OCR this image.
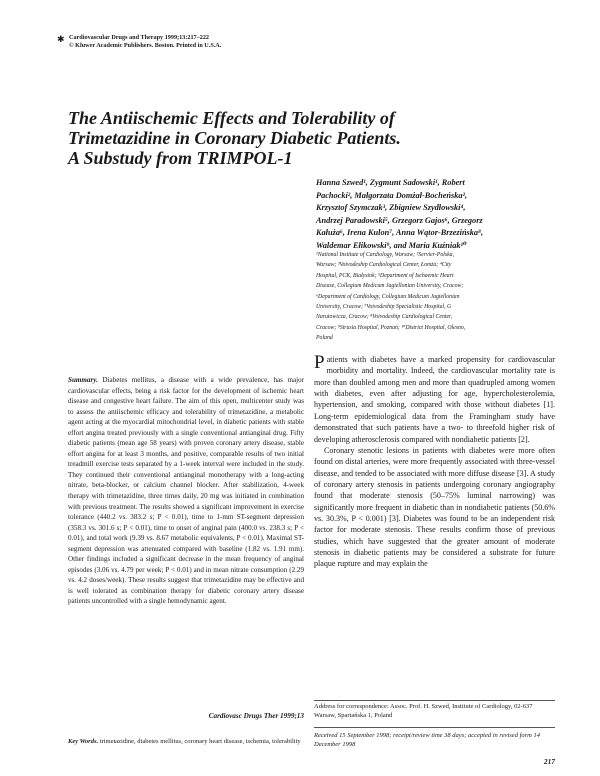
✱ Cardiovascular Drugs and Therapy 1999;13:217–222
© Kluwer Academic Publishers. Boston. Printed in U.S.A.
The Antiischemic Effects and Tolerability of
Trimetazidine in Coronary Diabetic Patients.
A Substudy from TRIMPOL-1
Hanna Szwed¹, Zygmunt Sadowski¹, Robert
Pachocki², Małgorzata Domżał-Bocheńska²,
Krzysztof Szymczak³, Zbigniew Szydłowski⁴,
Andrzej Paradowski⁵, Grzegorz Gajos⁶, Grzegorz
Kałuża⁶, Irena Kulon⁷, Anna Wątor-Brzezińska⁸,
Waldemar Ełikowski⁹, and Maria Kuźniak¹⁰
¹National Institute of Cardiology, Warsaw; ²Servier-Polska,
Warsaw; ³Voivodeship Cardiological Center, Łomża; ⁴City
Hospital, PCK, Białystok; ⁵Department of Ischaemic Heart
Disease, Collegium Medicum Jagiellonian University, Cracow;
⁶Department of Cardiology, Collegium Medicum Jagiellonian
University, Cracow; ⁷Voivodeship Specialistic Hospital, G
Narutowicza, Cracow; ⁸Voivodeship Cardiological Center,
Cracow; ⁹Strusia Hospital, Poznań; ¹⁰District Hospital, Olesno,
Poland
Summary. Diabetes mellitus, a disease with a wide prevalence, has major cardiovascular effects, being a risk factor for the development of ischemic heart disease and congestive heart failure. The aim of this open, multicenter study was to assess the antiischemic efficacy and tolerability of trimetazidine, a metabolic agent acting at the myocardial mitochondrial level, in diabetic patients with stable effort angina treated previously with a single conventional antianginal drug. Fifty diabetic patients (mean age 58 years) with proven coronary artery disease, stable effort angina for at least 3 months, and positive, comparable results of two initial treadmill exercise tests separated by a 1-week interval were included in the study. They continued their conventional antianginal monotherapy with a long-acting nitrate, beta-blocker, or calcium channel blocker. After stabilization, 4-week therapy with trimetazidine, three times daily, 20 mg was initiated in combination with previous treatment. The results showed a significant improvement in exercise tolerance (440.2 vs. 383.2 s; P < 0.01), time to 1-mm ST-segment depression (358.3 vs. 301.6 s; P < 0.01), time to onset of anginal pain (400.0 vs. 238.3 s; P < 0.01), and total work (9.39 vs. 8.67 metabolic equivalents, P < 0.01). Maximal ST-segment depression was attenuated compared with baseline (1.82 vs. 1.91 mm). Other findings included a significant decrease in the mean frequency of anginal episodes (3.06 vs. 4.79 per week; P < 0.01) and in mean nitrate consumption (2.29 vs. 4.2 doses/week). These results suggest that trimetazidine may be effective and is well tolerated as combination therapy for diabetic coronary artery disease patients uncontrolled with a single hemodynamic agent.
Cardiovasc Drugs Ther 1999;13
Key Words. trimetazidine, diabetes mellitus, coronary heart disease, ischemia, tolerability

Patients with diabetes have a marked propensity for cardiovascular morbidity and mortality. Indeed, the cardiovascular mortality rate is more than doubled among men and more than quadrupled among women with diabetes, even after adjusting for age, hypercholesterolemia, hypertension, and smoking, compared with those without diabetes [1]. Long-term epidemiological data from the Framingham study have demonstrated that such patients have a two- to threefold higher risk of developing atherosclerosis compared with nondiabetic patients [2].

Coronary stenotic lesions in patients with diabetes were more often found on distal arteries, were more frequently associated with three-vessel disease, and tended to be associated with more diffuse disease [3]. A study of coronary artery stenosis in patients undergoing coronary angiography found that moderate stenosis (50–75% luminal narrowing) was significantly more frequent in diabetic than in nondiabetic patients (50.6% vs. 30.3%, P < 0.001) [3]. Diabetes was found to be an independent risk factor for moderate stenosis. These results confirm those of previous studies, which have suggested that the greater amount of moderate stenosis in diabetic patients may be considered a substrate for future plaque rupture and may explain the

Address for correspondence: Assoc. Prof. H. Szwed, Institute of Cardiology, 02-637 Warsaw, Spartańska 1, Poland
Received 15 September 1998; receipt/review time 38 days; accepted in revised form 14 December 1998
217
